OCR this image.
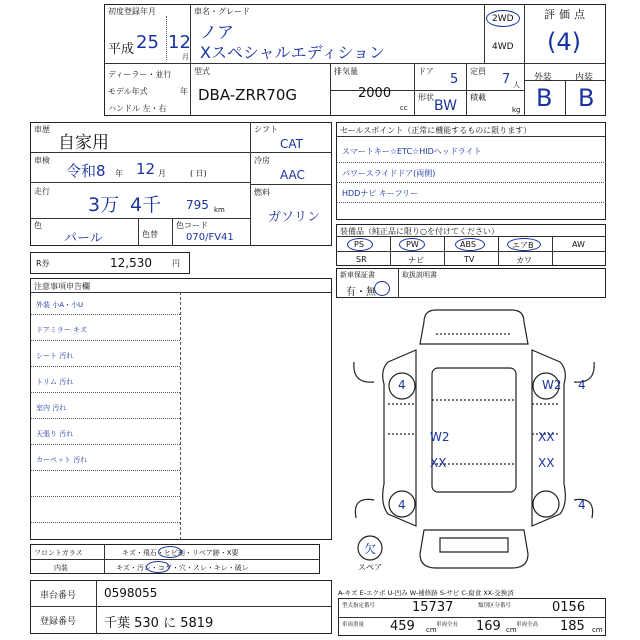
初度登録年月
平成 25 12
月
車名・グレード
ノア
Xスペシャルエディション
2WD
4WD
評価点
(4)
ディーラー・並行
モデル年式	年
ハンドル 左・右
型式
DBA-ZRR70G
排気量
2000
cc
ドア
5
定員
7 人
形状
BW
積載
kg
外装	内装
B B
車歴
自家用
車検
令和8 年 12 月	( 日)
走行
3万 4千 795 km
色
パール	色替
色コード
070/FV41
シフト
CAT
冷房
AAC
燃料
ガソリン
セールスポイント（正常に機能するものに限ります）
スマートキー☆ETC☆HIDヘッドライト
パワースライドドア(両側)
HDDナビ キーフリー
装備品（純正品に限り○を付けてください）
PS	PW	ABS	エアB	AW
SR	ナビ	TV	カワ
新車保証書	取扱説明書
有・無
R券	12,530	円
注意事項申告欄
外装 小A・小U
ドアミラー キズ
シート 汚れ
トリム 汚れ
室内 汚れ
天張り 汚れ
カーペット 汚れ
4	W2
W2
XX
XX
XX
4	4
4
欠
スペア
フロントガラス	キズ・飛石・ヒビ割・リペア跡・X要
内装	キズ・汚レ・コゲ・穴・スレ・キレ・破レ
A-キズ E-エクボ U-凹み W-補修跡 S-サビ C-腐食 XX-交換済
車台番号 0598055
登録番号 千葉 530 に 5819
型式指定番号	15737	類別区分番号	0156
車両重量 459 cm
車両全長 169 cm
車両全高 185 cm
